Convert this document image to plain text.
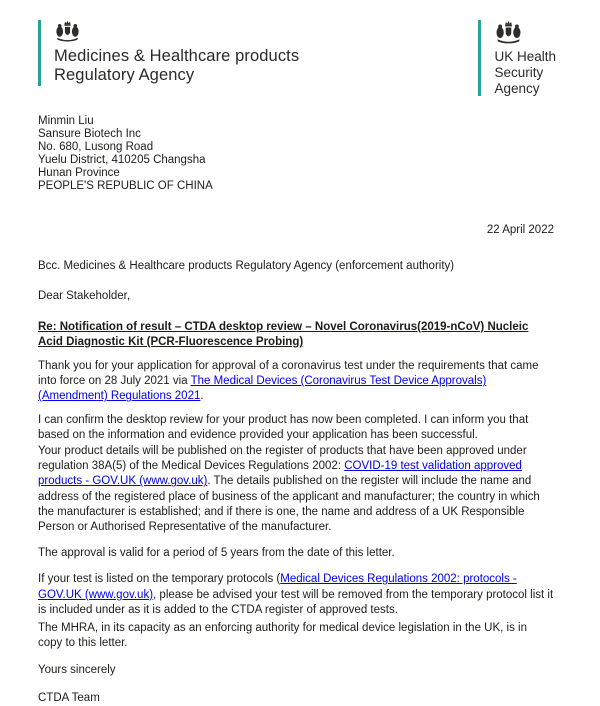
Medicines & Healthcare products
Regulatory Agency
UK Health
Security
Agency
Minmin Liu
Sansure Biotech Inc
No. 680, Lusong Road
Yuelu District, 410205 Changsha
Hunan Province
PEOPLE'S REPUBLIC OF CHINA
22 April 2022
Bcc. Medicines & Healthcare products Regulatory Agency (enforcement authority)
Dear Stakeholder,
Re: Notification of result – CTDA desktop review – Novel Coronavirus(2019-nCoV) Nucleic Acid Diagnostic Kit (PCR-Fluorescence Probing)

Thank you for your application for approval of a coronavirus test under the requirements that came into force on 28 July 2021 via The Medical Devices (Coronavirus Test Device Approvals) (Amendment) Regulations 2021.

I can confirm the desktop review for your product has now been completed. I can inform you that based on the information and evidence provided your application has been successful.

Your product details will be published on the register of products that have been approved under regulation 38A(5) of the Medical Devices Regulations 2002: COVID-19 test validation approved products - GOV.UK (www.gov.uk). The details published on the register will include the name and address of the registered place of business of the applicant and manufacturer; the country in which the manufacturer is established; and if there is one, the name and address of a UK Responsible Person or Authorised Representative of the manufacturer.

The approval is valid for a period of 5 years from the date of this letter.

If your test is listed on the temporary protocols (Medical Devices Regulations 2002: protocols - GOV.UK (www.gov.uk), please be advised your test will be removed from the temporary protocol list it is included under as it is added to the CTDA register of approved tests.

The MHRA, in its capacity as an enforcing authority for medical device legislation in the UK, is in copy to this letter.

Yours sincerely
CTDA Team
